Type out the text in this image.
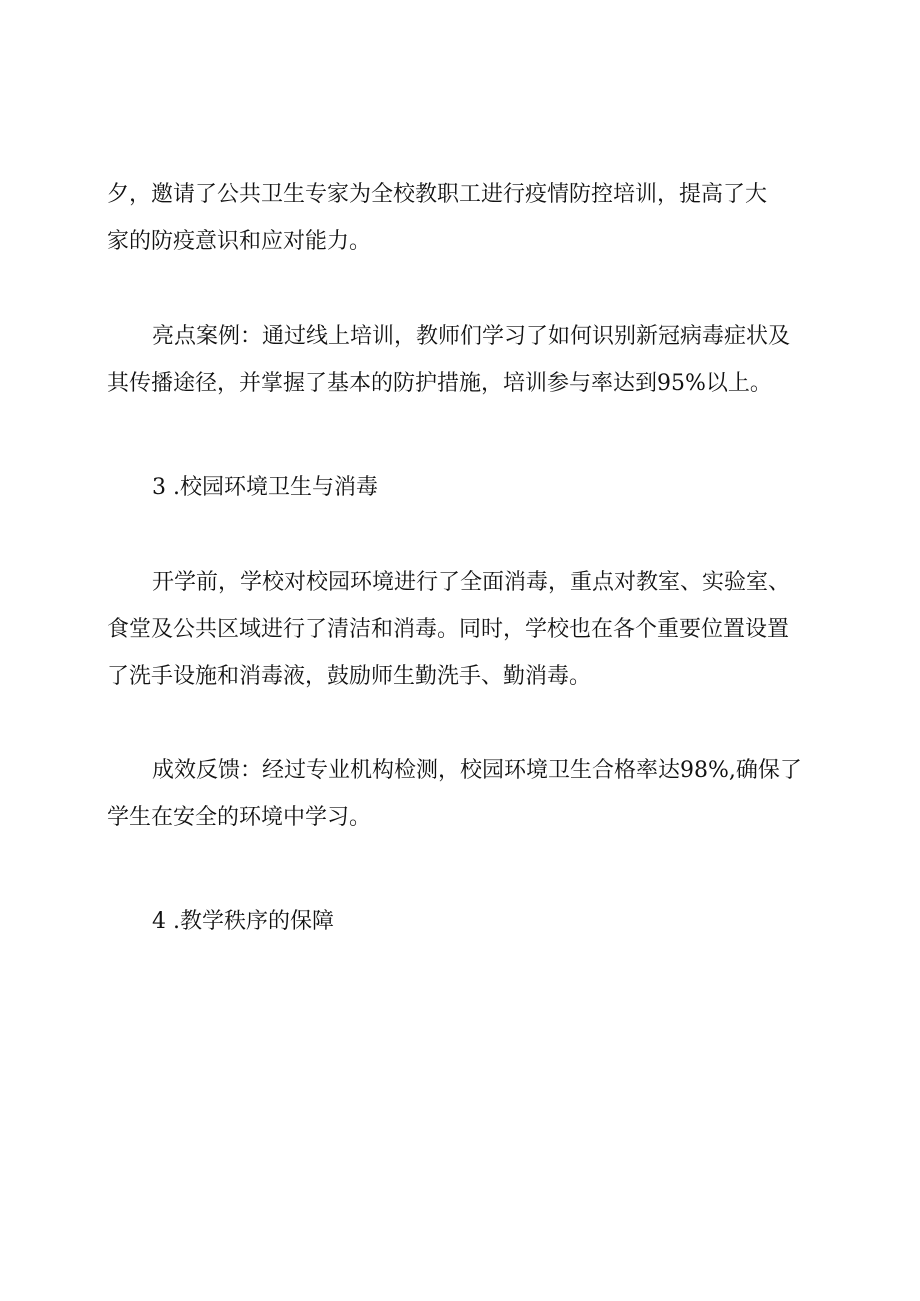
夕，邀请了公共卫生专家为全校教职工进行疫情防控培训，提高了大

家的防疫意识和应对能力。

亮点案例：通过线上培训，教师们学习了如何识别新冠病毒症状及

其传播途径，并掌握了基本的防护措施，培训参与率达到95%以上。

3 .校园环境卫生与消毒

开学前，学校对校园环境进行了全面消毒，重点对教室、实验室、

食堂及公共区域进行了清洁和消毒。同时，学校也在各个重要位置设置

了洗手设施和消毒液，鼓励师生勤洗手、勤消毒。

成效反馈：经过专业机构检测，校园环境卫生合格率达98%,确保了

学生在安全的环境中学习。

4 .教学秩序的保障
